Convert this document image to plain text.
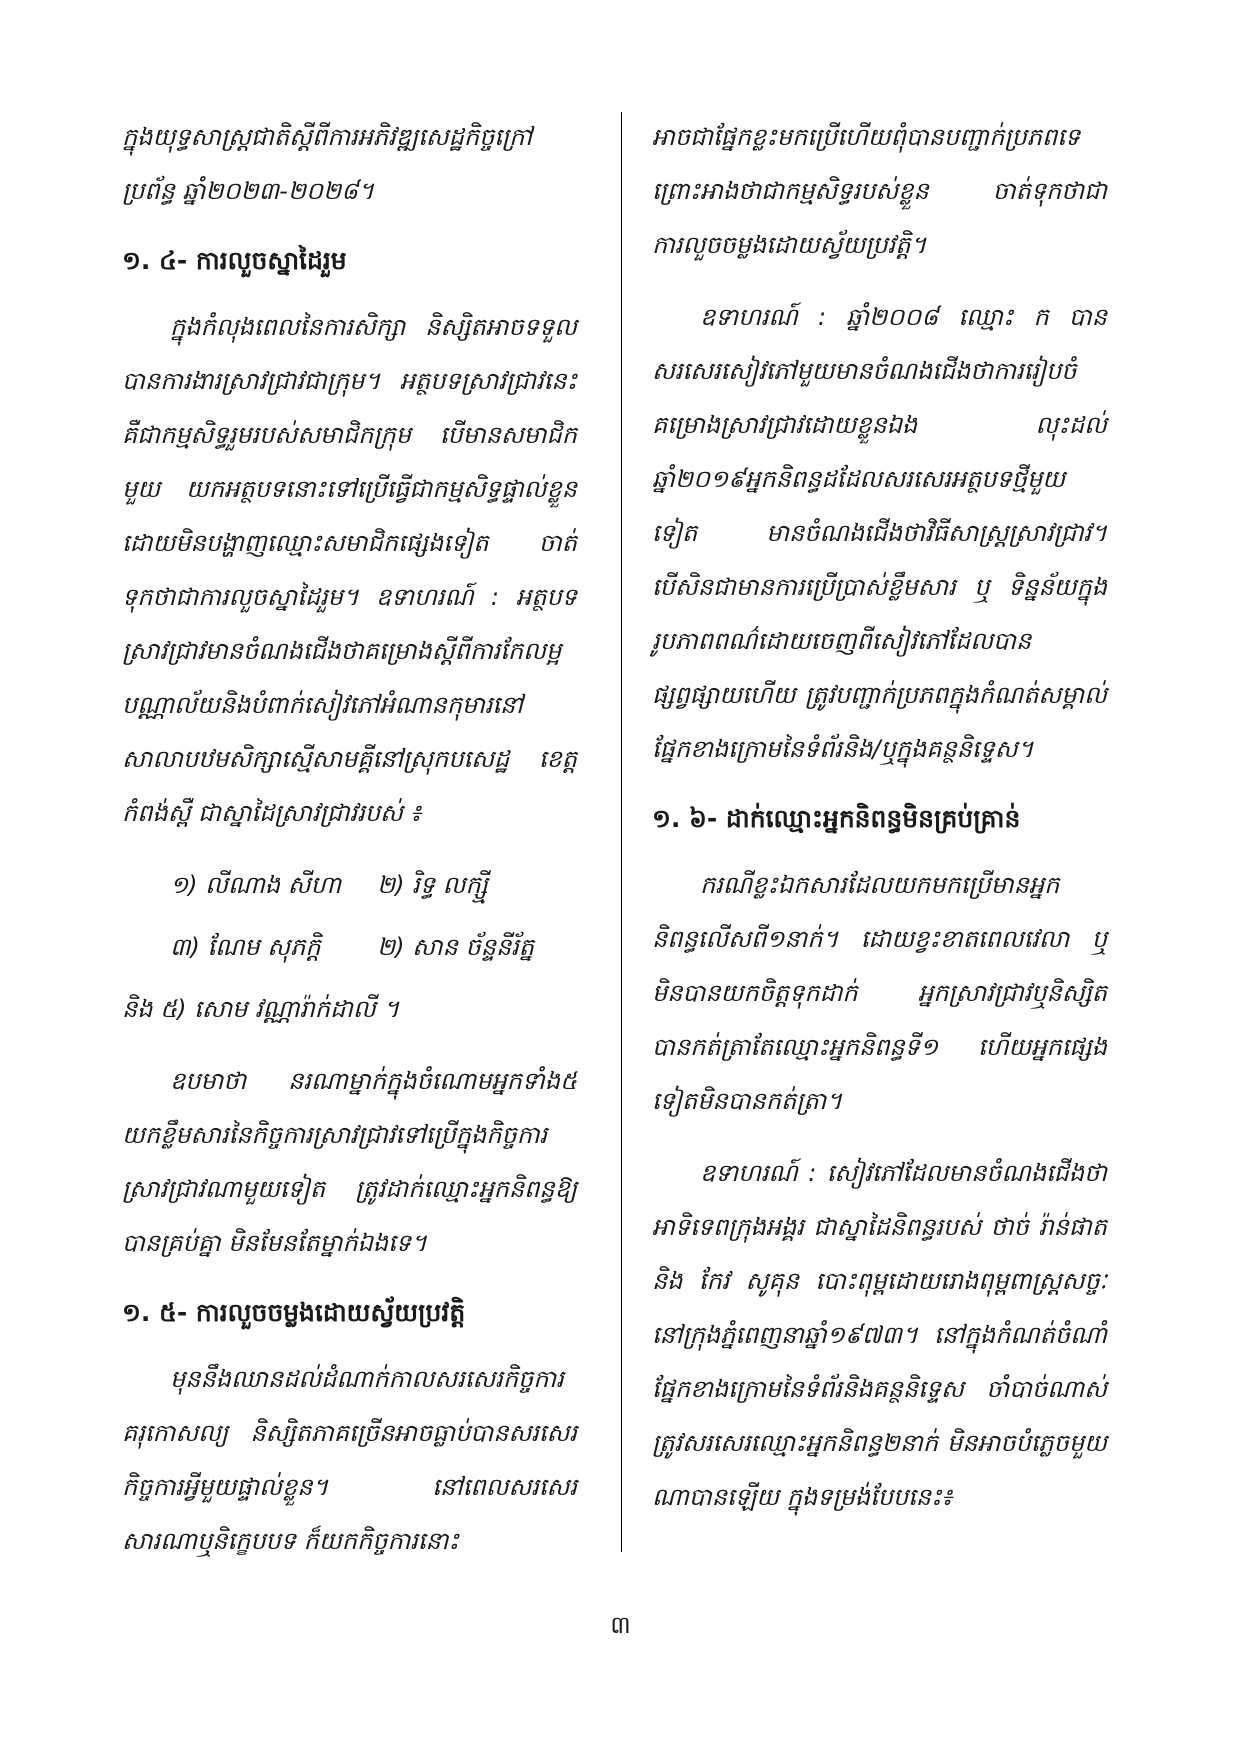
ក្នុងយុទ្ធសាស្ត្រជាតិស្តីពីការអភិវឌ្ឍសេដ្ឋកិច្ចក្រៅប្រព័ន្ធ ឆ្នាំ២០២៣-២០២៨។

១. ៤- ការលួចស្នាដៃរួម

ក្នុងកំលុងពេលនៃការសិក្សា និស្សិតអាចទទួលបានការងារស្រាវជ្រាវជាក្រុម។ អត្ថបទស្រាវជ្រាវនេះគឺជាកម្មសិទ្ធរួមរបស់សមាជិកក្រុម បើមានសមាជិកមួយ យកអត្ថបទនោះទៅប្រើធ្វើជាកម្មសិទ្ធផ្ទាល់ខ្លួនដោយមិនបង្ហាញឈ្មោះសមាជិកផ្សេងទៀត ចាត់ទុកថាជាការលួចស្នាដៃរួម។ ឧទាហរណ៍ : អត្ថបទស្រាវជ្រាវមានចំណងជើងថាគម្រោងស្តីពីការកែលម្អបណ្ណាល័យនិងបំពាក់សៀវភៅអំណានកុមារនៅសាលាបឋមសិក្សាស្មើសាមគ្គីនៅស្រុកបសេដ្ឋ ខេត្តកំពង់ស្ពឺ ជាស្នាដៃស្រាវជ្រាវរបស់ ៖

១) លីណាង សីហា	២) រិទ្ធ លក្ស្មី
៣) ណែម សុភក្តិ	២) សាន ច័ន្ទនីរ័ត្ន

និង ៥) សោម វណ្ណារ៉ាក់ដាលី ។

ឧបមាថា នរណាម្នាក់ក្នុងចំណោមអ្នកទាំង៥ យកខ្លឹមសារនៃកិច្ចការស្រាវជ្រាវទៅប្រើក្នុងកិច្ចការស្រាវជ្រាវណាមួយទៀត ត្រូវដាក់ឈ្មោះអ្នកនិពន្ធឱ្យបានគ្រប់គ្នា មិនមែនតែម្នាក់ឯងទេ។

១. ៥- ការលួចចម្លងដោយស្វ័យប្រវត្តិ

មុននឹងឈានដល់ដំណាក់កាលសរសេរកិច្ចការគរុកោសល្យ និស្សិតភាគច្រើនអាចធ្លាប់បានសរសេរកិច្ចការអ្វីមួយផ្ទាល់ខ្លួន។ នៅពេលសរសេរ សារណាឬនិក្ខេបបទ ក៏យកកិច្ចការនោះ

អាចជាផ្នែកខ្លះមកប្រើហើយពុំបានបញ្ជាក់ប្រភពទេព្រោះអាងថាជាកម្មសិទ្ធរបស់ខ្លួន ចាត់ទុកថាជាការលួចចម្លងដោយស្វ័យប្រវត្តិ។

ឧទាហរណ៍ : ឆ្នាំ២០០៨ ឈ្មោះ ក បានសរសេរសៀវភៅមួយមានចំណងជើងថាការរៀបចំគម្រោងស្រាវជ្រាវដោយខ្លួនឯង លុះដល់ឆ្នាំ២០១៩អ្នកនិពន្ធដដែលសរសេរអត្ថបទថ្មីមួយទៀត មានចំណងជើងថាវិធីសាស្ត្រស្រាវជ្រាវ។ បើសិនជាមានការប្រើប្រាស់ខ្លឹមសារ ឬ ទិន្នន័យក្នុងរូបភាពពណ៌ដោយចេញពីសៀវភៅដែលបានផ្សព្វផ្សាយហើយ ត្រូវបញ្ជាក់ប្រភពក្នុងកំណត់សម្គាល់ផ្នែកខាងក្រោមនៃទំព័រនិង/ឬក្នុងគន្ថនិទ្ទេស។

១. ៦- ដាក់ឈ្មោះអ្នកនិពន្ធមិនគ្រប់គ្រាន់

ករណីខ្លះឯកសារដែលយកមកប្រើមានអ្នកនិពន្ធលើសពី១នាក់។ ដោយខ្វះខាតពេលវេលា ឬមិនបានយកចិត្តទុកដាក់ អ្នកស្រាវជ្រាវឬនិស្សិតបានកត់ត្រាតែឈ្មោះអ្នកនិពន្ធទី១ ហើយអ្នកផ្សេងទៀតមិនបានកត់ត្រា។

ឧទាហរណ៍ : សៀវភៅដែលមានចំណងជើងថា អាទិទេពក្រុងអង្គរ ជាស្នាដៃនិពន្ធរបស់ ថាច់ រ៉ាន់ផាត និង កែវ សូគុន បោះពុម្ពដោយរោងពុម្ពពាស្រ្តសច្ចៈ នៅក្រុងភ្នំពេញនាឆ្នាំ១៩៧៣។ នៅក្នុងកំណត់ចំណាំផ្នែកខាងក្រោមនៃទំព័រនិងគន្ថនិទ្ទេស ចាំបាច់ណាស់ត្រូវសរសេរឈ្មោះអ្នកនិពន្ធ២នាក់ មិនអាចបំភ្លេចមួយណាបានឡើយ ក្នុងទម្រង់បែបនេះ៖

៣
